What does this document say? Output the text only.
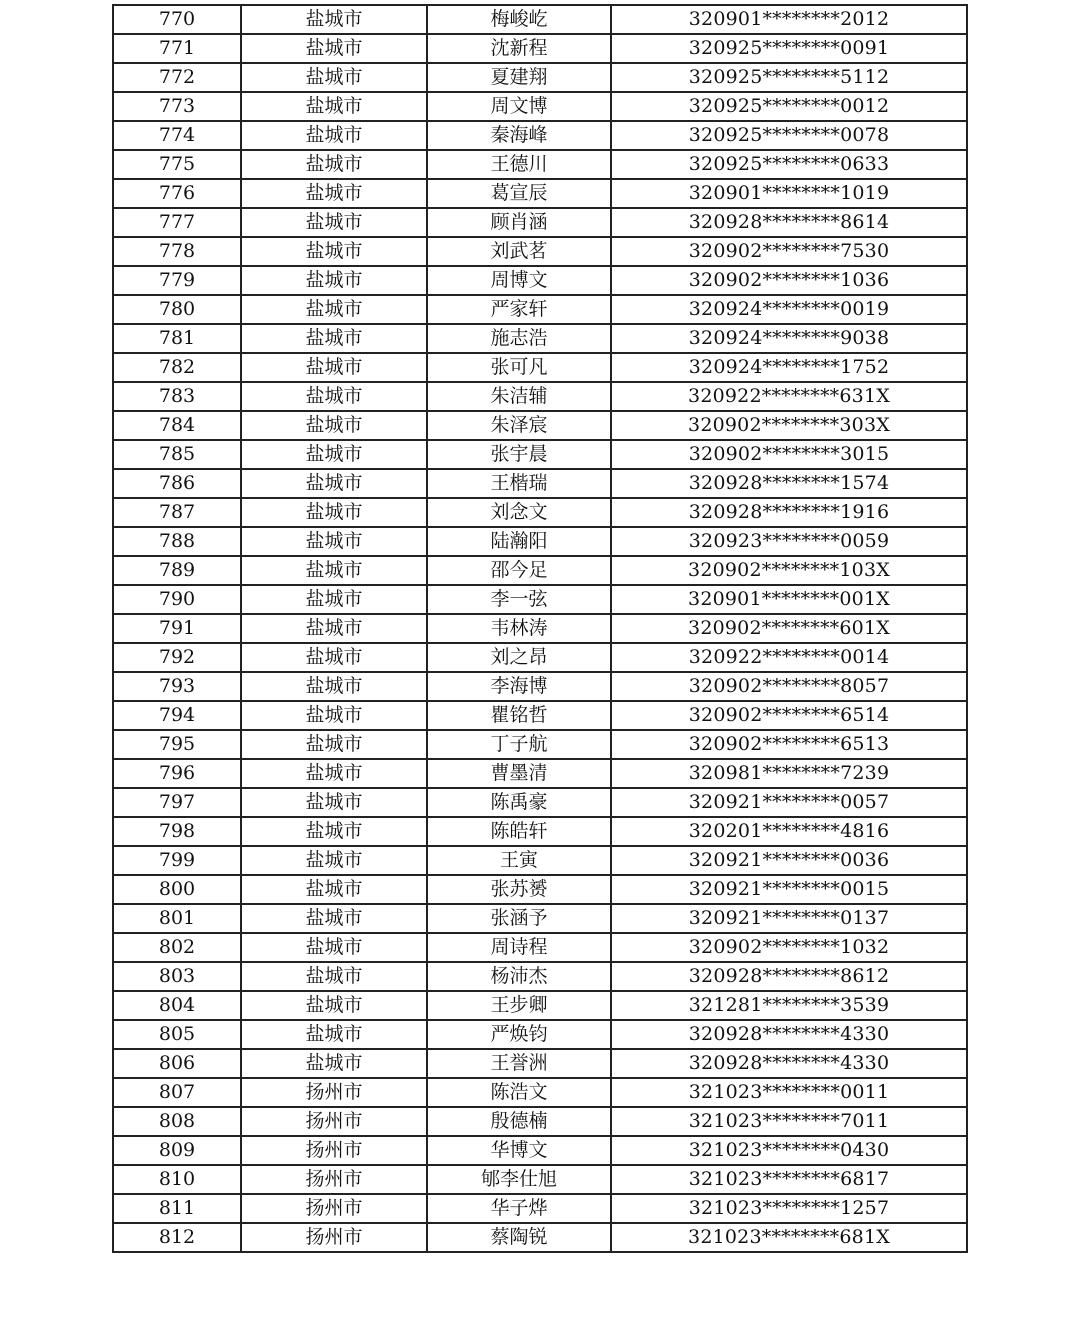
770	盐城市	梅峻屹	320901********2012
771	盐城市	沈新程	320925********0091
772	盐城市	夏建翔	320925********5112
773	盐城市	周文博	320925********0012
774	盐城市	秦海峰	320925********0078
775	盐城市	王德川	320925********0633
776	盐城市	葛宣辰	320901********1019
777	盐城市	顾肖涵	320928********8614
778	盐城市	刘武茗	320902********7530
779	盐城市	周博文	320902********1036
780	盐城市	严家轩	320924********0019
781	盐城市	施志浩	320924********9038
782	盐城市	张可凡	320924********1752
783	盐城市	朱洁辅	320922********631X
784	盐城市	朱泽宸	320902********303X
785	盐城市	张宇晨	320902********3015
786	盐城市	王楷瑞	320928********1574
787	盐城市	刘念文	320928********1916
788	盐城市	陆瀚阳	320923********0059
789	盐城市	邵今足	320902********103X
790	盐城市	李一弦	320901********001X
791	盐城市	韦林涛	320902********601X
792	盐城市	刘之昂	320922********0014
793	盐城市	李海博	320902********8057
794	盐城市	瞿铭哲	320902********6514
795	盐城市	丁子航	320902********6513
796	盐城市	曹墨清	320981********7239
797	盐城市	陈禹豪	320921********0057
798	盐城市	陈皓轩	320201********4816
799	盐城市	王寅	320921********0036
800	盐城市	张苏赟	320921********0015
801	盐城市	张涵予	320921********0137
802	盐城市	周诗程	320902********1032
803	盐城市	杨沛杰	320928********8612
804	盐城市	王步卿	321281********3539
805	盐城市	严焕钧	320928********4330
806	盐城市	王誉洲	320928********4330
807	扬州市	陈浩文	321023********0011
808	扬州市	殷德楠	321023********7011
809	扬州市	华博文	321023********0430
810	扬州市	郇李仕旭	321023********6817
811	扬州市	华子烨	321023********1257
812	扬州市	蔡陶锐	321023********681X
